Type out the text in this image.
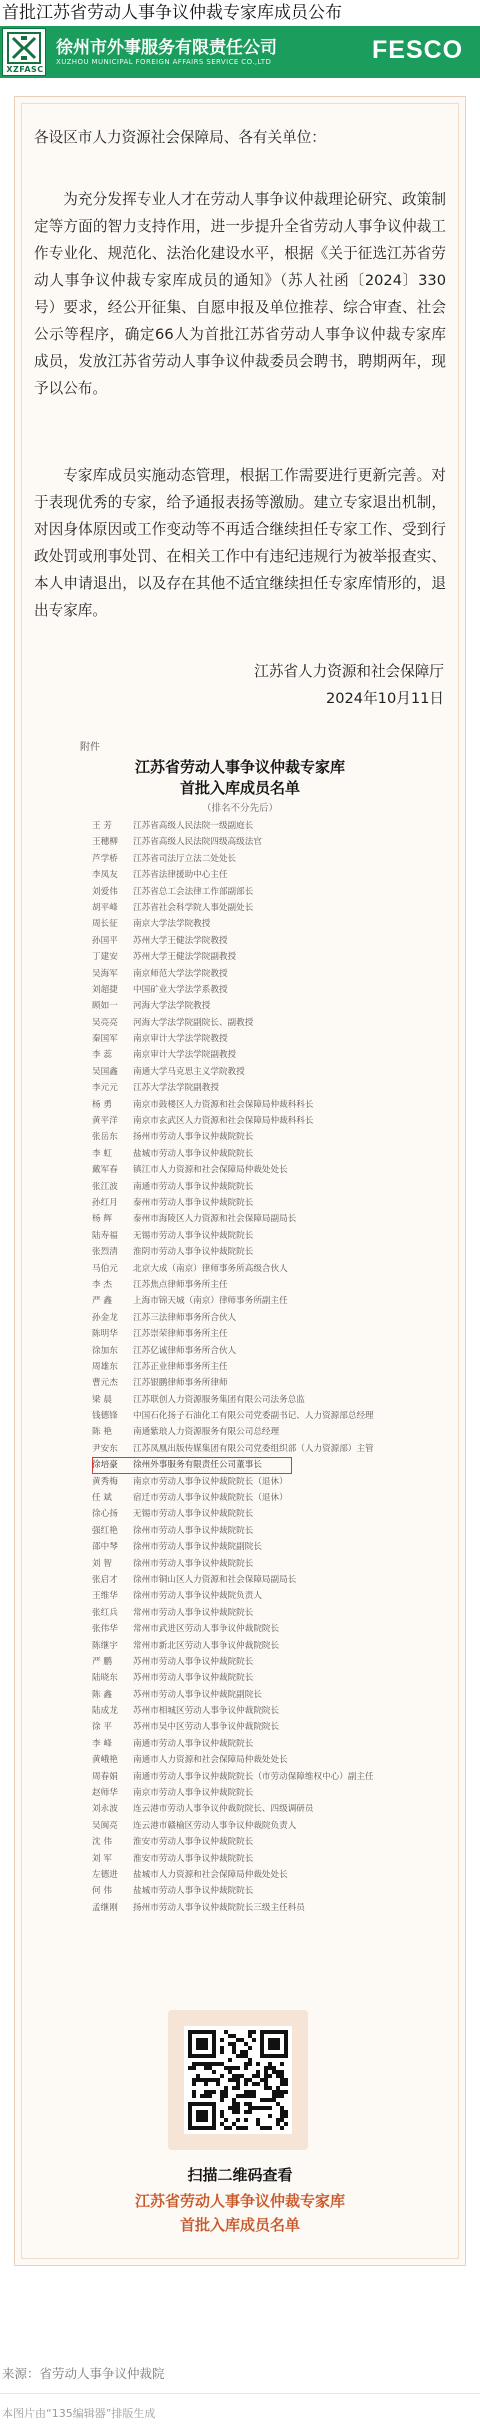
首批江苏省劳动人事争议仲裁专家库成员公布
XZFASC
徐州市外事服务有限责任公司
XUZHOU MUNICIPAL FOREIGN AFFAIRS SERVICE CO.,LTD	FESCO
各设区市人力资源社会保障局、各有关单位：
为充分发挥专业人才在劳动人事争议仲裁理论研究、政策制定等方面的智力支持作用，进一步提升全省劳动人事争议仲裁工作专业化、规范化、法治化建设水平，根据《关于征选江苏省劳动人事争议仲裁专家库成员的通知》（苏人社函〔2024〕330号）要求，经公开征集、自愿申报及单位推荐、综合审查、社会公示等程序，确定66人为首批江苏省劳动人事争议仲裁专家库成员，发放江苏省劳动人事争议仲裁委员会聘书，聘期两年，现予以公布。
专家库成员实施动态管理，根据工作需要进行更新完善。对于表现优秀的专家，给予通报表扬等激励。建立专家退出机制，对因身体原因或工作变动等不再适合继续担任专家工作、受到行政处罚或刑事处罚、在相关工作中有违纪违规行为被举报查实、本人申请退出，以及存在其他不适宜继续担任专家库情形的，退出专家库。
江苏省人力资源和社会保障厅
2024年10月11日
附件
江苏省劳动人事争议仲裁专家库
首批入库成员名单
（排名不分先后）
王 芳 江苏省高级人民法院一级副庭长
王穗柳 江苏省高级人民法院四级高级法官
芦学桥 江苏省司法厅立法二处处长
李凤友 江苏省法律援助中心主任
刘爱伟 江苏省总工会法律工作部副部长
胡平峰 江苏省社会科学院人事处副处长
周长征 南京大学法学院教授
孙国平 苏州大学王健法学院教授
丁建安 苏州大学王健法学院副教授
吴海军 南京师范大学法学院教授
刘超捷 中国矿业大学法学系教授
顾如一 河海大学法学院教授
吴亮亮 河海大学法学院副院长、副教授
秦国军 南京审计大学法学院教授
李 蕊 南京审计大学法学院副教授
吴国鑫 南通大学马克思主义学院教授
李元元 江苏大学法学院副教授
杨 勇 南京市鼓楼区人力资源和社会保障局仲裁科科长
黄平洋 南京市玄武区人力资源和社会保障局仲裁科科长
张岳东 扬州市劳动人事争议仲裁院院长
李 虹 盐城市劳动人事争议仲裁院院长
戴军春 镇江市人力资源和社会保障局仲裁处处长
张江波 南通市劳动人事争议仲裁院院长
孙红月 泰州市劳动人事争议仲裁院院长
杨 辉 泰州市海陵区人力资源和社会保障局副局长
陆寿福 无锡市劳动人事争议仲裁院院长
张烈清 淮阴市劳动人事争议仲裁院院长
马伯元 北京大成（南京）律师事务所高级合伙人
李 杰 江苏焦点律师事务所主任
严 鑫 上海市锦天城（南京）律师事务所副主任
孙金龙 江苏三法律师事务所合伙人
陈明华 江苏崇荣律师事务所主任
徐加东 江苏亿诚律师事务所合伙人
周雄东 江苏正业律师事务所主任
曹元杰 江苏银鹏律师事务所律师
梁 晨 江苏联创人力资源服务集团有限公司法务总监
钱德锋 中国石化扬子石油化工有限公司党委副书记、人力资源部总经理
陈 艳 南通紫琅人力资源服务有限公司总经理
尹安东 江苏凤凰出版传媒集团有限公司党委组织部（人力资源部）主管
徐培豪 徐州外事服务有限责任公司董事长
黄秀梅 南京市劳动人事争议仲裁院院长（退休）
任 斌 宿迁市劳动人事争议仲裁院院长（退休）
徐心扬 无锡市劳动人事争议仲裁院院长
强红艳 徐州市劳动人事争议仲裁院院长
邵中琴 徐州市劳动人事争议仲裁院副院长
刘 智 徐州市劳动人事争议仲裁院院长
张启才 徐州市铜山区人力资源和社会保障局副局长
王维华 徐州市劳动人事争议仲裁院负责人
张红兵 常州市劳动人事争议仲裁院院长
张伟华 常州市武进区劳动人事争议仲裁院院长
陈继宇 常州市新北区劳动人事争议仲裁院院长
严 鹏 苏州市劳动人事争议仲裁院院长
陆晓东 苏州市劳动人事争议仲裁院院长
陈 鑫 苏州市劳动人事争议仲裁院副院长
陆成龙 苏州市相城区劳动人事争议仲裁院院长
徐 平 苏州市吴中区劳动人事争议仲裁院院长
李 峰 南通市劳动人事争议仲裁院院长
黄峨艳 南通市人力资源和社会保障局仲裁处处长
周春娟 南通市劳动人事争议仲裁院院长（市劳动保障维权中心）副主任
赵师华 南京市劳动人事争议仲裁院院长
刘永波 连云港市劳动人事争议仲裁院院长、四级调研员
吴闽亮 连云港市赣榆区劳动人事争议仲裁院负责人
沈 伟 淮安市劳动人事争议仲裁院院长
刘 军 淮安市劳动人事争议仲裁院院长
左德进 盐城市人力资源和社会保障局仲裁处处长
何 伟 盐城市劳动人事争议仲裁院院长
孟继刚 扬州市劳动人事争议仲裁院院长三级主任科员
扫描二维码查看
江苏省劳动人事争议仲裁专家库
首批入库成员名单
来源：省劳动人事争议仲裁院
本图片由“135编辑器”排版生成
